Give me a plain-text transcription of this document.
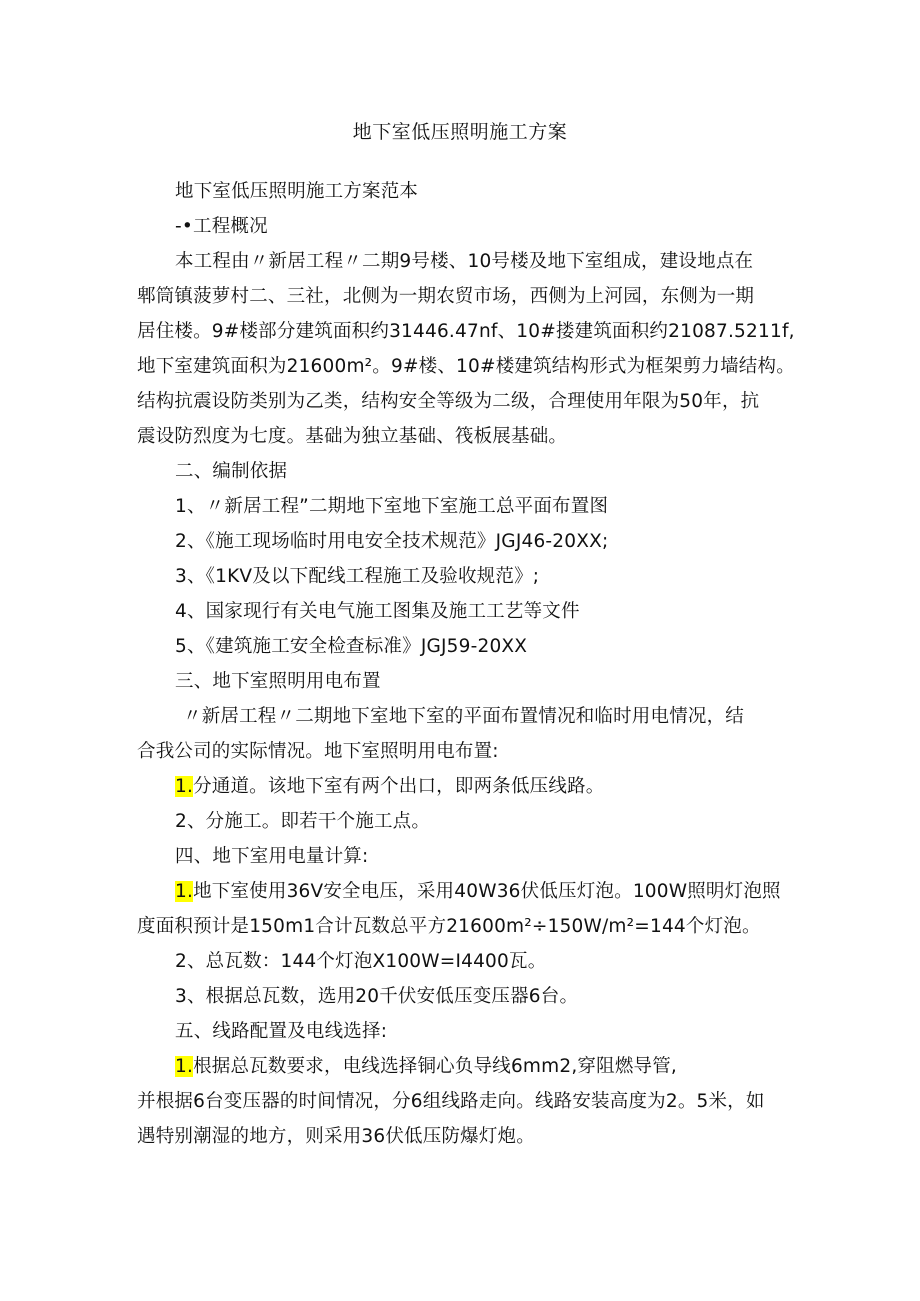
地下室低压照明施工方案

地下室低压照明施工方案范本

-•工程概况

本工程由〃新居工程〃二期9号楼、10号楼及地下室组成，建设地点在

郫筒镇菠萝村二、三社，北侧为一期农贸市场，西侧为上河园，东侧为一期

居住楼。9#楼部分建筑面积约31446.47nf、10#搂建筑面积约21087.5211f,

地下室建筑面积为21600m²。9#楼、10#楼建筑结构形式为框架剪力墙结构。

结构抗震设防类别为乙类，结构安全等级为二级，合理使用年限为50年，抗

震设防烈度为七度。基础为独立基础、筏板展基础。

二、编制依据

1、〃新居工程”二期地下室地下室施工总平面布置图

2、《施工现场临时用电安全技术规范》JGJ46-20XX;

3、《1KV及以下配线工程施工及验收规范》;

4、国家现行有关电气施工图集及施工工艺等文件

5、《建筑施工安全检查标准》JGJ59-20XX

三、地下室照明用电布置

〃新居工程〃二期地下室地下室的平面布置情况和临时用电情况，结

合我公司的实际情况。地下室照明用电布置:

1.分通道。该地下室有两个出口，即两条低压线路。

2、分施工。即若干个施工点。

四、地下室用电量计算:

1.地下室使用36V安全电压，采用40W36伏低压灯泡。100W照明灯泡照

度面积预计是150m1合计瓦数总平方21600m²÷150W/m²=144个灯泡。

2、总瓦数：144个灯泡X100W=I4400瓦。

3、根据总瓦数，选用20千伏安低压变压器6台。

五、线路配置及电线选择:

1.根据总瓦数要求，电线选择铜心负导线6mm2,穿阻燃导管,

并根据6台变压器的时间情况，分6组线路走向。线路安装高度为2。5米，如

遇特别潮湿的地方，则采用36伏低压防爆灯炮。
